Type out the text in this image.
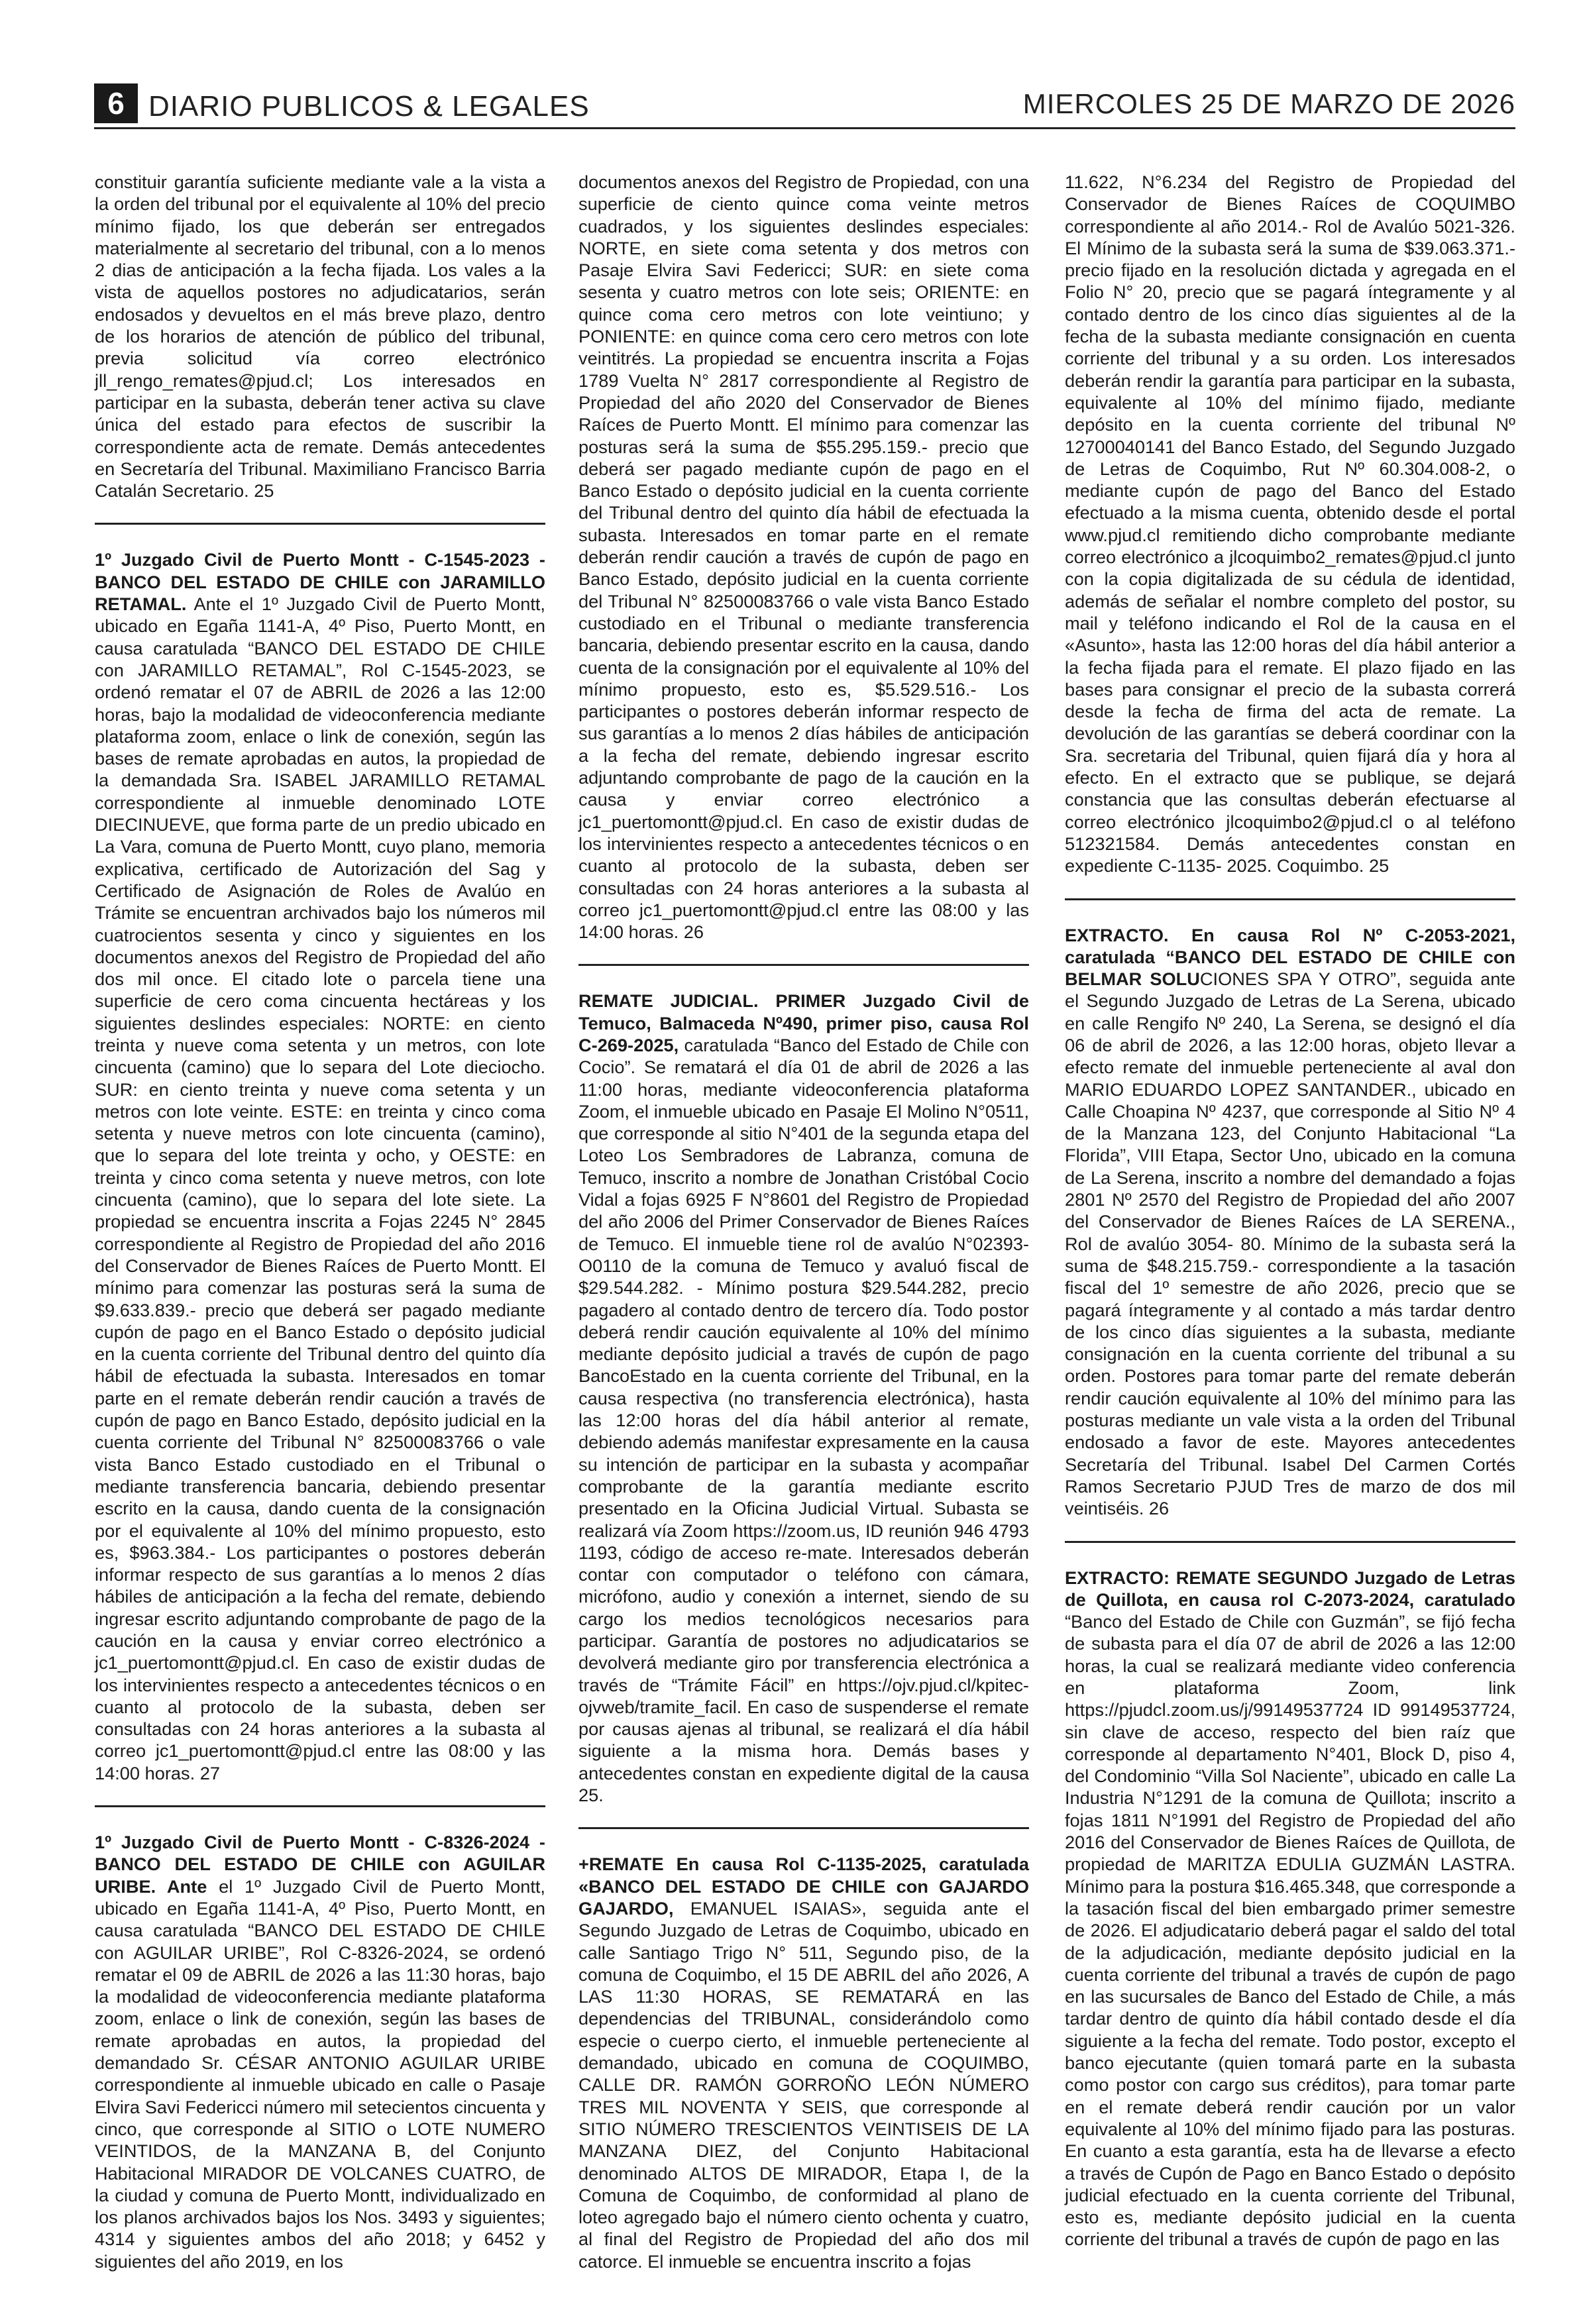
6 DIARIO PUBLICOS & LEGALES	MIERCOLES 25 DE MARZO DE 2026

constituir garantía suficiente mediante vale a la vista a la orden del tribunal por el equivalente al 10% del precio mínimo fijado, los que deberán ser entregados materialmente al secretario del tribunal, con a lo menos 2 dias de anticipación a la fecha fijada. Los vales a la vista de aquellos postores no adjudicatarios, serán endosados y devueltos en el más breve plazo, dentro de los horarios de atención de público del tribunal, previa solicitud vía correo electrónico jll_rengo_remates@pjud.cl; Los interesados en participar en la subasta, deberán tener activa su clave única del estado para efectos de suscribir la correspondiente acta de remate. Demás antecedentes en Secretaría del Tribunal. Maximiliano Francisco Barria Catalán Secretario. 25

1º Juzgado Civil de Puerto Montt - C-1545-2023 - BANCO DEL ESTADO DE CHILE con JARAMILLO RETAMAL. Ante el 1º Juzgado Civil de Puerto Montt, ubicado en Egaña 1141-A, 4º Piso, Puerto Montt, en causa caratulada “BANCO DEL ESTADO DE CHILE con JARAMILLO RETAMAL”, Rol C-1545-2023, se ordenó rematar el 07 de ABRIL de 2026 a las 12:00 horas, bajo la modalidad de videoconferencia mediante plataforma zoom, enlace o link de conexión, según las bases de remate aprobadas en autos, la propiedad de la demandada Sra. ISABEL JARAMILLO RETAMAL correspondiente al inmueble denominado LOTE DIECINUEVE, que forma parte de un predio ubicado en La Vara, comuna de Puerto Montt, cuyo plano, memoria explicativa, certificado de Autorización del Sag y Certificado de Asignación de Roles de Avalúo en Trámite se encuentran archivados bajo los números mil cuatrocientos sesenta y cinco y siguientes en los documentos anexos del Registro de Propiedad del año dos mil once. El citado lote o parcela tiene una superficie de cero coma cincuenta hectáreas y los siguientes deslindes especiales: NORTE: en ciento treinta y nueve coma setenta y un metros, con lote cincuenta (camino) que lo separa del Lote dieciocho. SUR: en ciento treinta y nueve coma setenta y un metros con lote veinte. ESTE: en treinta y cinco coma setenta y nueve metros con lote cincuenta (camino), que lo separa del lote treinta y ocho, y OESTE: en treinta y cinco coma setenta y nueve metros, con lote cincuenta (camino), que lo separa del lote siete. La propiedad se encuentra inscrita a Fojas 2245 N° 2845 correspondiente al Registro de Propiedad del año 2016 del Conservador de Bienes Raíces de Puerto Montt. El mínimo para comenzar las posturas será la suma de $9.633.839.- precio que deberá ser pagado mediante cupón de pago en el Banco Estado o depósito judicial en la cuenta corriente del Tribunal dentro del quinto día hábil de efectuada la subasta. Interesados en tomar parte en el remate deberán rendir caución a través de cupón de pago en Banco Estado, depósito judicial en la cuenta corriente del Tribunal N° 82500083766 o vale vista Banco Estado custodiado en el Tribunal o mediante transferencia bancaria, debiendo presentar escrito en la causa, dando cuenta de la consignación por el equivalente al 10% del mínimo propuesto, esto es, $963.384.- Los participantes o postores deberán informar respecto de sus garantías a lo menos 2 días hábiles de anticipación a la fecha del remate, debiendo ingresar escrito adjuntando comprobante de pago de la caución en la causa y enviar correo electrónico a jc1_puertomontt@pjud.cl. En caso de existir dudas de los intervinientes respecto a antecedentes técnicos o en cuanto al protocolo de la subasta, deben ser consultadas con 24 horas anteriores a la subasta al correo jc1_puertomontt@pjud.cl entre las 08:00 y las 14:00 horas. 27

1º Juzgado Civil de Puerto Montt - C-8326-2024 - BANCO DEL ESTADO DE CHILE con AGUILAR URIBE. Ante el 1º Juzgado Civil de Puerto Montt, ubicado en Egaña 1141-A, 4º Piso, Puerto Montt, en causa caratulada “BANCO DEL ESTADO DE CHILE con AGUILAR URIBE”, Rol C-8326-2024, se ordenó rematar el 09 de ABRIL de 2026 a las 11:30 horas, bajo la modalidad de videoconferencia mediante plataforma zoom, enlace o link de conexión, según las bases de remate aprobadas en autos, la propiedad del demandado Sr. CÉSAR ANTONIO AGUILAR URIBE correspondiente al inmueble ubicado en calle o Pasaje Elvira Savi Federicci número mil setecientos cincuenta y cinco, que corresponde al SITIO o LOTE NUMERO VEINTIDOS, de la MANZANA B, del Conjunto Habitacional MIRADOR DE VOLCANES CUATRO, de la ciudad y comuna de Puerto Montt, individualizado en los planos archivados bajos los Nos. 3493 y siguientes; 4314 y siguientes ambos del año 2018; y 6452 y siguientes del año 2019, en los

documentos anexos del Registro de Propiedad, con una superficie de ciento quince coma veinte metros cuadrados, y los siguientes deslindes especiales: NORTE, en siete coma setenta y dos metros con Pasaje Elvira Savi Federicci; SUR: en siete coma sesenta y cuatro metros con lote seis; ORIENTE: en quince coma cero metros con lote veintiuno; y PONIENTE: en quince coma cero cero metros con lote veintitrés. La propiedad se encuentra inscrita a Fojas 1789 Vuelta N° 2817 correspondiente al Registro de Propiedad del año 2020 del Conservador de Bienes Raíces de Puerto Montt. El mínimo para comenzar las posturas será la suma de $55.295.159.- precio que deberá ser pagado mediante cupón de pago en el Banco Estado o depósito judicial en la cuenta corriente del Tribunal dentro del quinto día hábil de efectuada la subasta. Interesados en tomar parte en el remate deberán rendir caución a través de cupón de pago en Banco Estado, depósito judicial en la cuenta corriente del Tribunal N° 82500083766 o vale vista Banco Estado custodiado en el Tribunal o mediante transferencia bancaria, debiendo presentar escrito en la causa, dando cuenta de la consignación por el equivalente al 10% del mínimo propuesto, esto es, $5.529.516.- Los participantes o postores deberán informar respecto de sus garantías a lo menos 2 días hábiles de anticipación a la fecha del remate, debiendo ingresar escrito adjuntando comprobante de pago de la caución en la causa y enviar correo electrónico a jc1_puertomontt@pjud.cl. En caso de existir dudas de los intervinientes respecto a antecedentes técnicos o en cuanto al protocolo de la subasta, deben ser consultadas con 24 horas anteriores a la subasta al correo jc1_puertomontt@pjud.cl entre las 08:00 y las 14:00 horas. 26

REMATE JUDICIAL. PRIMER Juzgado Civil de Temuco, Balmaceda Nº490, primer piso, causa Rol C-269-2025, caratulada “Banco del Estado de Chile con Cocio”. Se rematará el día 01 de abril de 2026 a las 11:00 horas, mediante videoconferencia plataforma Zoom, el inmueble ubicado en Pasaje El Molino N°0511, que corresponde al sitio N°401 de la segunda etapa del Loteo Los Sembradores de Labranza, comuna de Temuco, inscrito a nombre de Jonathan Cristóbal Cocio Vidal a fojas 6925 F N°8601 del Registro de Propiedad del año 2006 del Primer Conservador de Bienes Raíces de Temuco. El inmueble tiene rol de avalúo N°02393-O0110 de la comuna de Temuco y avaluó fiscal de $29.544.282. - Mínimo postura $29.544.282, precio pagadero al contado dentro de tercero día. Todo postor deberá rendir caución equivalente al 10% del mínimo mediante depósito judicial a través de cupón de pago BancoEstado en la cuenta corriente del Tribunal, en la causa respectiva (no transferencia electrónica), hasta las 12:00 horas del día hábil anterior al remate, debiendo además manifestar expresamente en la causa su intención de participar en la subasta y acompañar comprobante de la garantía mediante escrito presentado en la Oficina Judicial Virtual. Subasta se realizará vía Zoom https://zoom.us, ID reunión 946 4793 1193, código de acceso re-mate. Interesados deberán contar con computador o teléfono con cámara, micrófono, audio y conexión a internet, siendo de su cargo los medios tecnológicos necesarios para participar. Garantía de postores no adjudicatarios se devolverá mediante giro por transferencia electrónica a través de “Trámite Fácil” en https://ojv.pjud.cl/kpitec-ojvweb/tramite_facil. En caso de suspenderse el remate por causas ajenas al tribunal, se realizará el día hábil siguiente a la misma hora. Demás bases y antecedentes constan en expediente digital de la causa 25.

+REMATE En causa Rol C-1135-2025, caratulada «BANCO DEL ESTADO DE CHILE con GAJARDO GAJARDO, EMANUEL ISAIAS», seguida ante el Segundo Juzgado de Letras de Coquimbo, ubicado en calle Santiago Trigo N° 511, Segundo piso, de la comuna de Coquimbo, el 15 DE ABRIL del año 2026, A LAS 11:30 HORAS, SE REMATARÁ en las dependencias del TRIBUNAL, considerándolo como especie o cuerpo cierto, el inmueble perteneciente al demandado, ubicado en comuna de COQUIMBO, CALLE DR. RAMÓN GORROÑO LEÓN NÚMERO TRES MIL NOVENTA Y SEIS, que corresponde al SITIO NÚMERO TRESCIENTOS VEINTISEIS DE LA MANZANA DIEZ, del Conjunto Habitacional denominado ALTOS DE MIRADOR, Etapa I, de la Comuna de Coquimbo, de conformidad al plano de loteo agregado bajo el número ciento ochenta y cuatro, al final del Registro de Propiedad del año dos mil catorce. El inmueble se encuentra inscrito a fojas

11.622, N°6.234 del Registro de Propiedad del Conservador de Bienes Raíces de COQUIMBO correspondiente al año 2014.- Rol de Avalúo 5021-326. El Mínimo de la subasta será la suma de $39.063.371.- precio fijado en la resolución dictada y agregada en el Folio N° 20, precio que se pagará íntegramente y al contado dentro de los cinco días siguientes al de la fecha de la subasta mediante consignación en cuenta corriente del tribunal y a su orden. Los interesados deberán rendir la garantía para participar en la subasta, equivalente al 10% del mínimo fijado, mediante depósito en la cuenta corriente del tribunal Nº 12700040141 del Banco Estado, del Segundo Juzgado de Letras de Coquimbo, Rut Nº 60.304.008-2, o mediante cupón de pago del Banco del Estado efectuado a la misma cuenta, obtenido desde el portal www.pjud.cl remitiendo dicho comprobante mediante correo electrónico a jlcoquimbo2_remates@pjud.cl junto con la copia digitalizada de su cédula de identidad, además de señalar el nombre completo del postor, su mail y teléfono indicando el Rol de la causa en el «Asunto», hasta las 12:00 horas del día hábil anterior a la fecha fijada para el remate. El plazo fijado en las bases para consignar el precio de la subasta correrá desde la fecha de firma del acta de remate. La devolución de las garantías se deberá coordinar con la Sra. secretaria del Tribunal, quien fijará día y hora al efecto. En el extracto que se publique, se dejará constancia que las consultas deberán efectuarse al correo electrónico jlcoquimbo2@pjud.cl o al teléfono 512321584. Demás antecedentes constan en expediente C-1135- 2025. Coquimbo. 25

EXTRACTO. En causa Rol Nº C-2053-2021, caratulada “BANCO DEL ESTADO DE CHILE con BELMAR SOLUCIONES SPA Y OTRO”, seguida ante el Segundo Juzgado de Letras de La Serena, ubicado en calle Rengifo Nº 240, La Serena, se designó el día 06 de abril de 2026, a las 12:00 horas, objeto llevar a efecto remate del inmueble perteneciente al aval don MARIO EDUARDO LOPEZ SANTANDER., ubicado en Calle Choapina Nº 4237, que corresponde al Sitio Nº 4 de la Manzana 123, del Conjunto Habitacional “La Florida”, VIII Etapa, Sector Uno, ubicado en la comuna de La Serena, inscrito a nombre del demandado a fojas 2801 Nº 2570 del Registro de Propiedad del año 2007 del Conservador de Bienes Raíces de LA SERENA., Rol de avalúo 3054- 80. Mínimo de la subasta será la suma de $48.215.759.- correspondiente a la tasación fiscal del 1º semestre de año 2026, precio que se pagará íntegramente y al contado a más tardar dentro de los cinco días siguientes a la subasta, mediante consignación en la cuenta corriente del tribunal a su orden. Postores para tomar parte del remate deberán rendir caución equivalente al 10% del mínimo para las posturas mediante un vale vista a la orden del Tribunal endosado a favor de este. Mayores antecedentes Secretaría del Tribunal. Isabel Del Carmen Cortés Ramos Secretario PJUD Tres de marzo de dos mil veintiséis. 26

EXTRACTO: REMATE SEGUNDO Juzgado de Letras de Quillota, en causa rol C-2073-2024, caratulado “Banco del Estado de Chile con Guzmán”, se fijó fecha de subasta para el día 07 de abril de 2026 a las 12:00 horas, la cual se realizará mediante video conferencia en plataforma Zoom, link https://pjudcl.zoom.us/j/99149537724 ID 99149537724, sin clave de acceso, respecto del bien raíz que corresponde al departamento N°401, Block D, piso 4, del Condominio “Villa Sol Naciente”, ubicado en calle La Industria N°1291 de la comuna de Quillota; inscrito a fojas 1811 N°1991 del Registro de Propiedad del año 2016 del Conservador de Bienes Raíces de Quillota, de propiedad de MARITZA EDULIA GUZMÁN LASTRA. Mínimo para la postura $16.465.348, que corresponde a la tasación fiscal del bien embargado primer semestre de 2026. El adjudicatario deberá pagar el saldo del total de la adjudicación, mediante depósito judicial en la cuenta corriente del tribunal a través de cupón de pago en las sucursales de Banco del Estado de Chile, a más tardar dentro de quinto día hábil contado desde el día siguiente a la fecha del remate. Todo postor, excepto el banco ejecutante (quien tomará parte en la subasta como postor con cargo sus créditos), para tomar parte en el remate deberá rendir caución por un valor equivalente al 10% del mínimo fijado para las posturas. En cuanto a esta garantía, esta ha de llevarse a efecto a través de Cupón de Pago en Banco Estado o depósito judicial efectuado en la cuenta corriente del Tribunal, esto es, mediante depósito judicial en la cuenta corriente del tribunal a través de cupón de pago en las
